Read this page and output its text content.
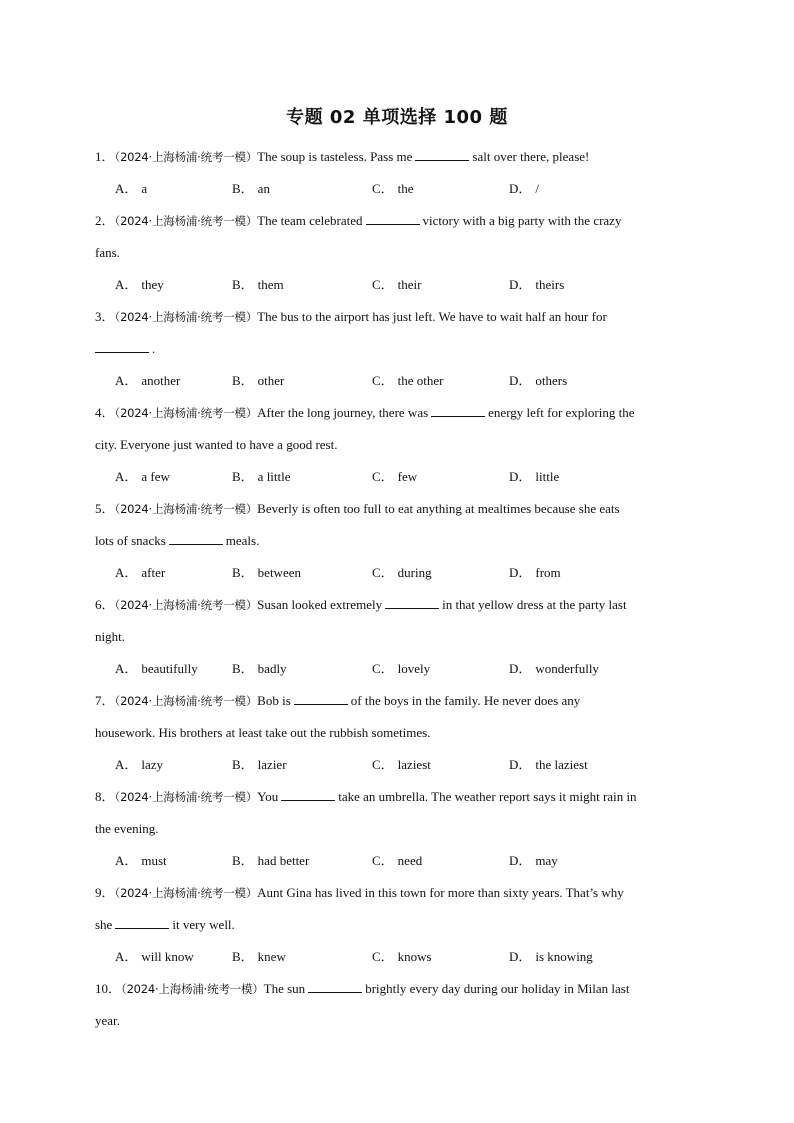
专题 02 单项选择 100 题
1．（2024·上海杨浦·统考一模）The soup is tasteless. Pass me	salt over there, please!
A． a	B． an	C． the	D． /
2．（2024·上海杨浦·统考一模）The team celebrated	victory with a big party with the crazy
fans.
A． they	B． them	C． their	D． theirs
3．（2024·上海杨浦·统考一模）The bus to the airport has just left. We have to wait half an hour for
.
A． another	B． other	C． the other	D． others
4．（2024·上海杨浦·统考一模）After the long journey, there was	energy left for exploring the
city. Everyone just wanted to have a good rest.
A． a few	B． a little	C． few	D． little
5．（2024·上海杨浦·统考一模）Beverly is often too full to eat anything at mealtimes because she eats
lots of snacks	meals.
A． after	B． between	C． during	D． from
6．（2024·上海杨浦·统考一模）Susan looked extremely	in that yellow dress at the party last
night.
A． beautifully	B． badly	C． lovely	D． wonderfully
7．（2024·上海杨浦·统考一模）Bob is	of the boys in the family. He never does any
housework. His brothers at least take out the rubbish sometimes.
A． lazy	B． lazier	C． laziest	D． the laziest
8．（2024·上海杨浦·统考一模）You	take an umbrella. The weather report says it might rain in
the evening.
A． must	B． had better	C． need	D． may
9．（2024·上海杨浦·统考一模）Aunt Gina has lived in this town for more than sixty years. That’s why
she	it very well.
A． will know	B． knew	C． knows	D． is knowing
10．（2024·上海杨浦·统考一模）The sun	brightly every day during our holiday in Milan last
year.
